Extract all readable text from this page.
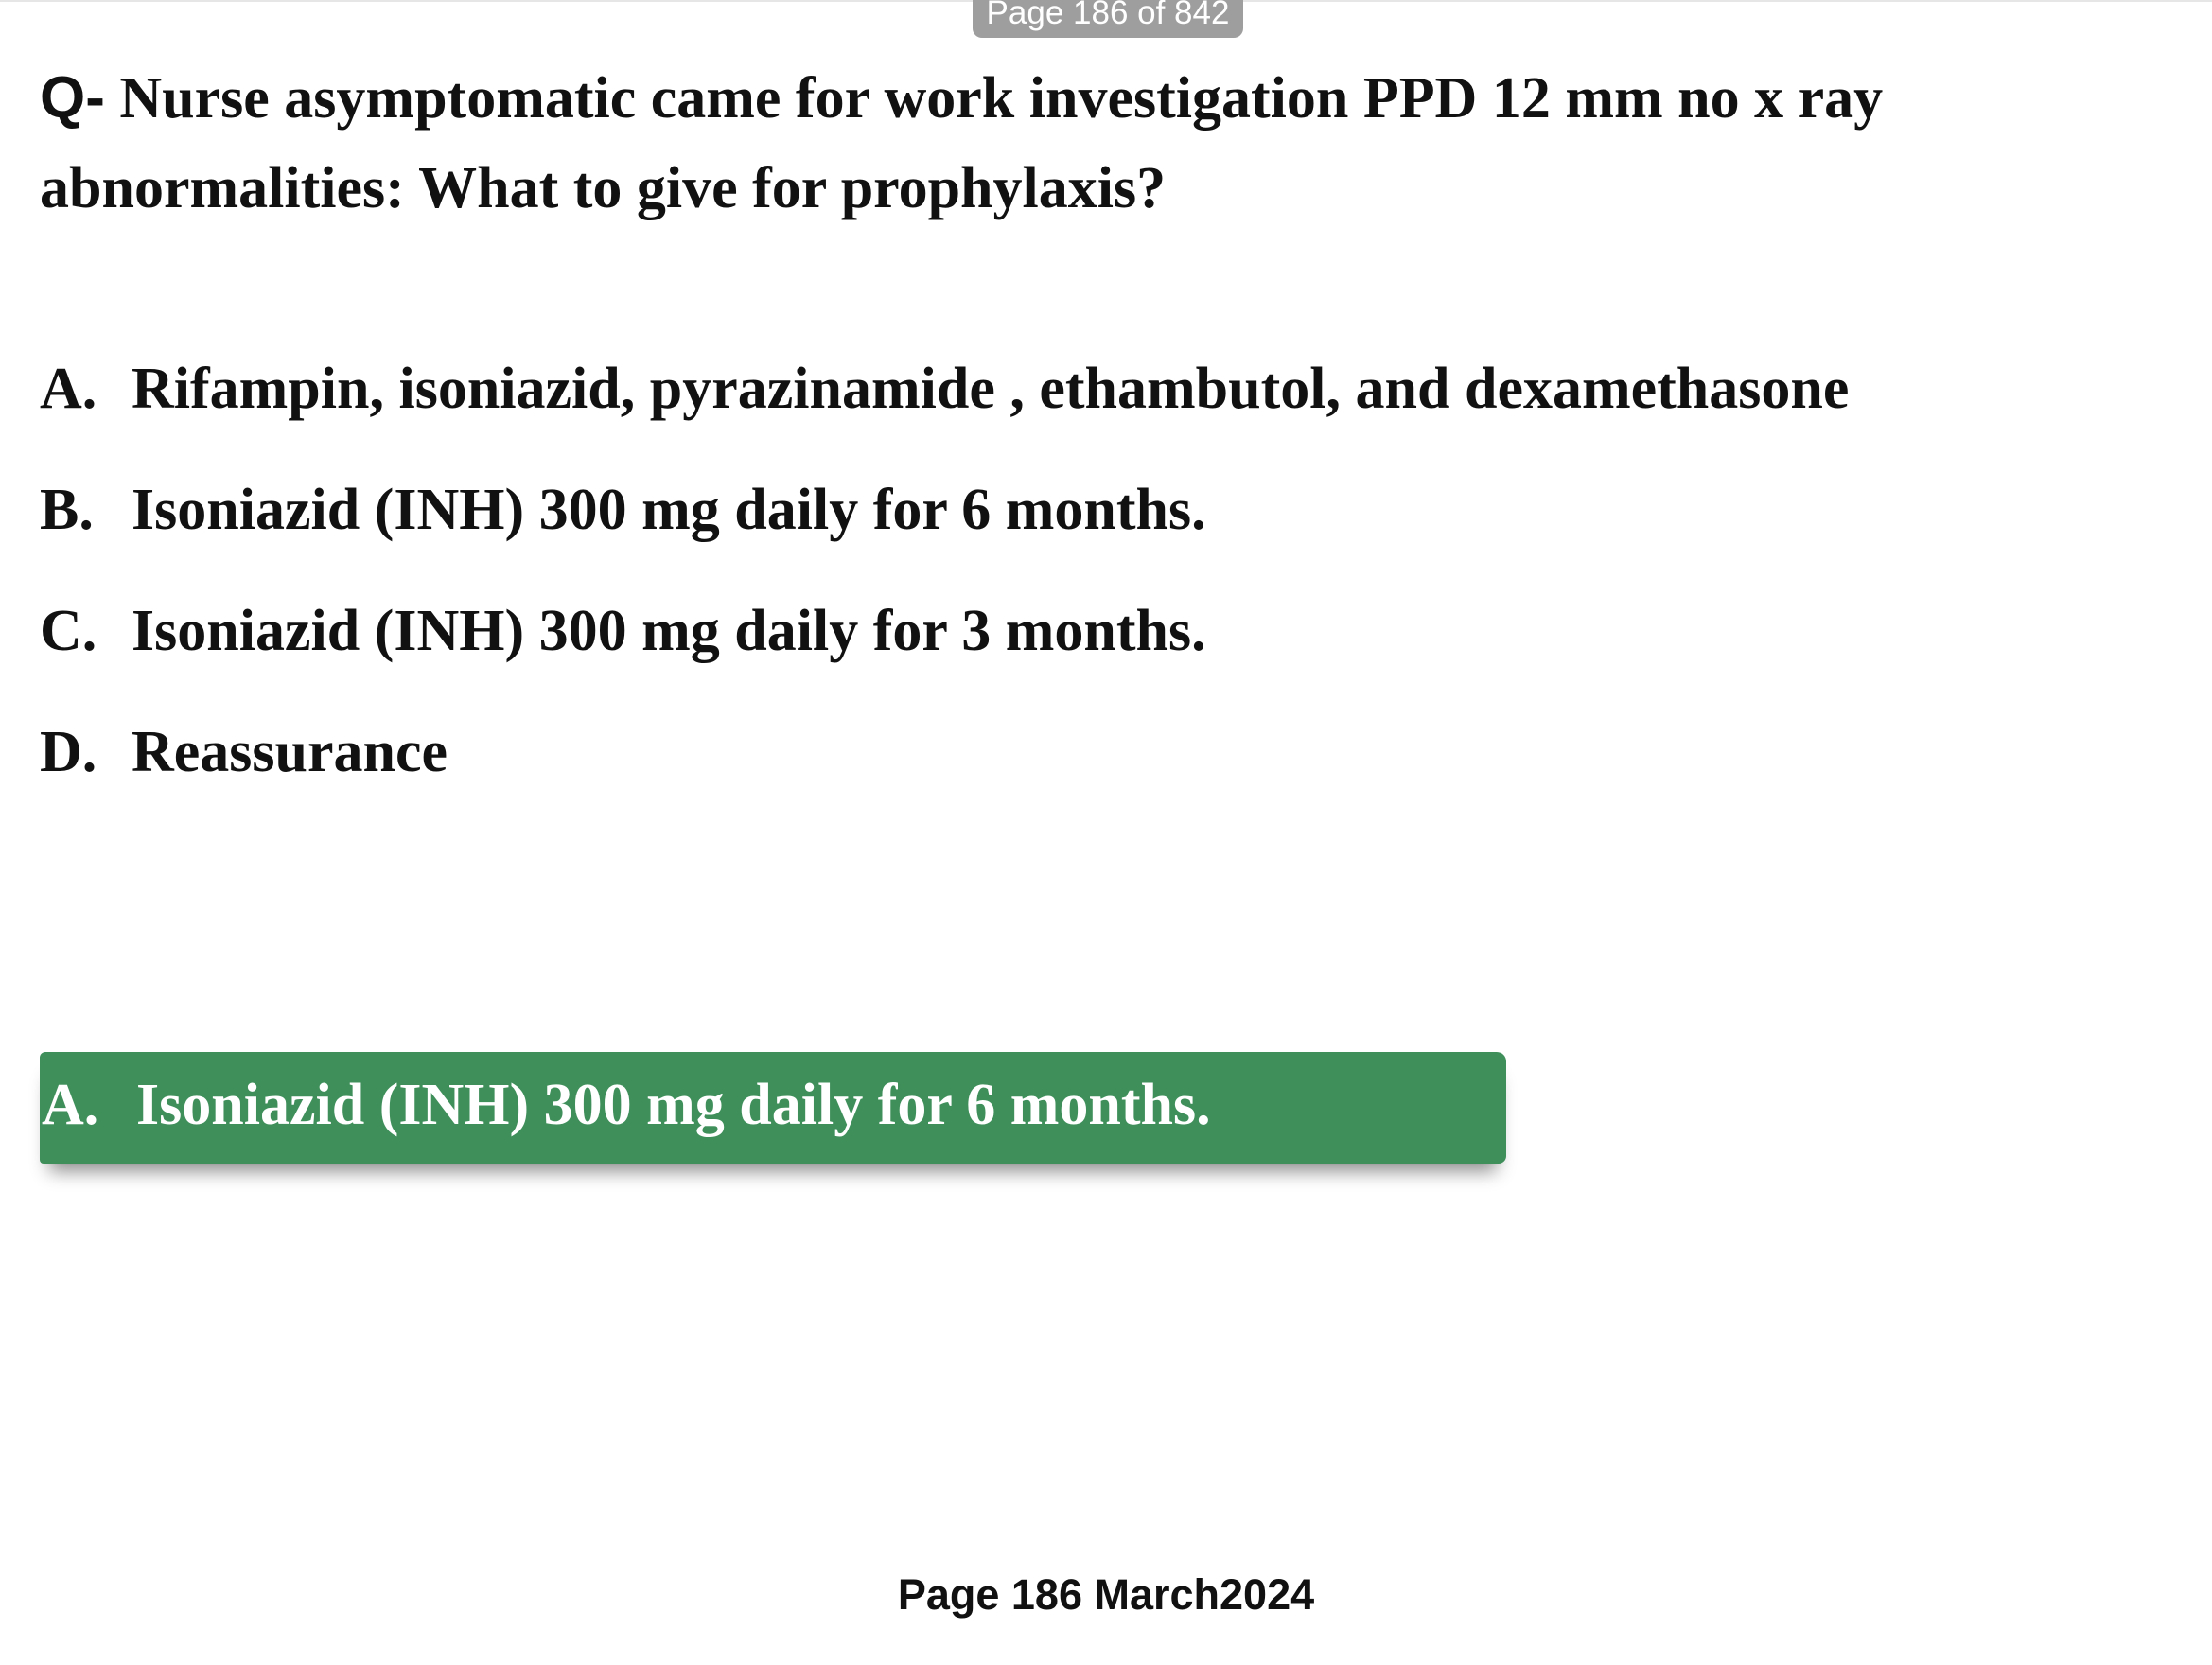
Page 186 of 842
Q- Nurse asymptomatic came for work investigation PPD 12 mm no x ray abnormalities: What to give for prophylaxis?
A. Rifampin, isoniazid, pyrazinamide , ethambutol, and dexamethasone
B. Isoniazid (INH) 300 mg daily for 6 months.
C. Isoniazid (INH) 300 mg daily for 3 months.
D. Reassurance
A. Isoniazid (INH) 300 mg daily for 6 months.
Page 186 March2024
